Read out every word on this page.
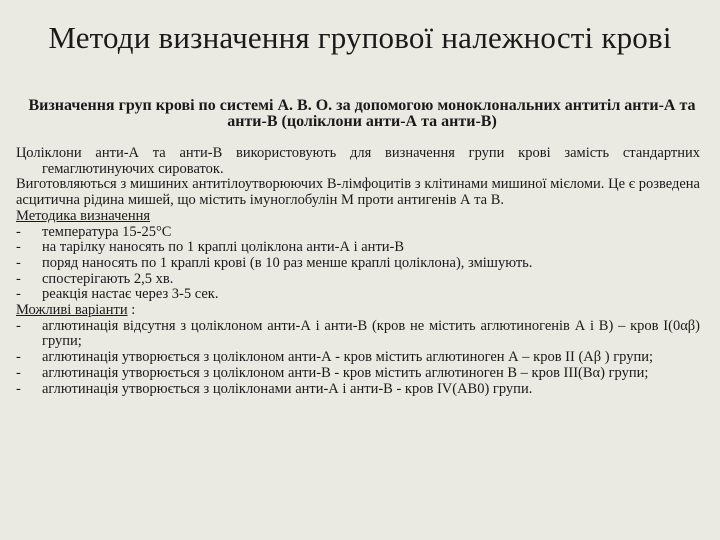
Методи визначення групової належності крові
Визначення груп крові по системі А. В. О. за допомогою моноклональних антитіл анти-А та анти-В (цоліклони анти-А та анти-В)

Цоліклони анти-А та анти-В використовують для визначення групи крові замість стандартних гемаглютинуючих сироваток.

Виготовляються з мишиних антитілоутворюючих В-лімфоцитів з клітинами мишиної мієломи. Це є розведена асцитична рідина мишей, що містить імуноглобулін М проти антигенів А та В.

Методика визначення

-	температура 15-25°С
-	на тарілку наносять по 1 краплі цоліклона анти-А і анти-В
-	поряд наносять по 1 краплі крові (в 10 раз менше краплі цоліклона), змішують.
-	спостерігають 2,5 хв.
-	реакція настає через 3-5 сек.

Можливі варіанти :

-	аглютинація відсутня з цоліклоном анти-А і анти-В (кров не містить аглютиногенів А і В) – кров І(0αβ) групи;
-	аглютинація утворюється з цоліклоном анти-А - кров містить аглютиноген А – кров ІІ (Аβ ) групи;
-	аглютинація утворюється з цоліклоном анти-В - кров містить аглютиноген В – кров ІІІ(Вα) групи;
-	аглютинація утворюється з цоліклонами анти-А і анти-В - кров ІV(АВ0) групи.
